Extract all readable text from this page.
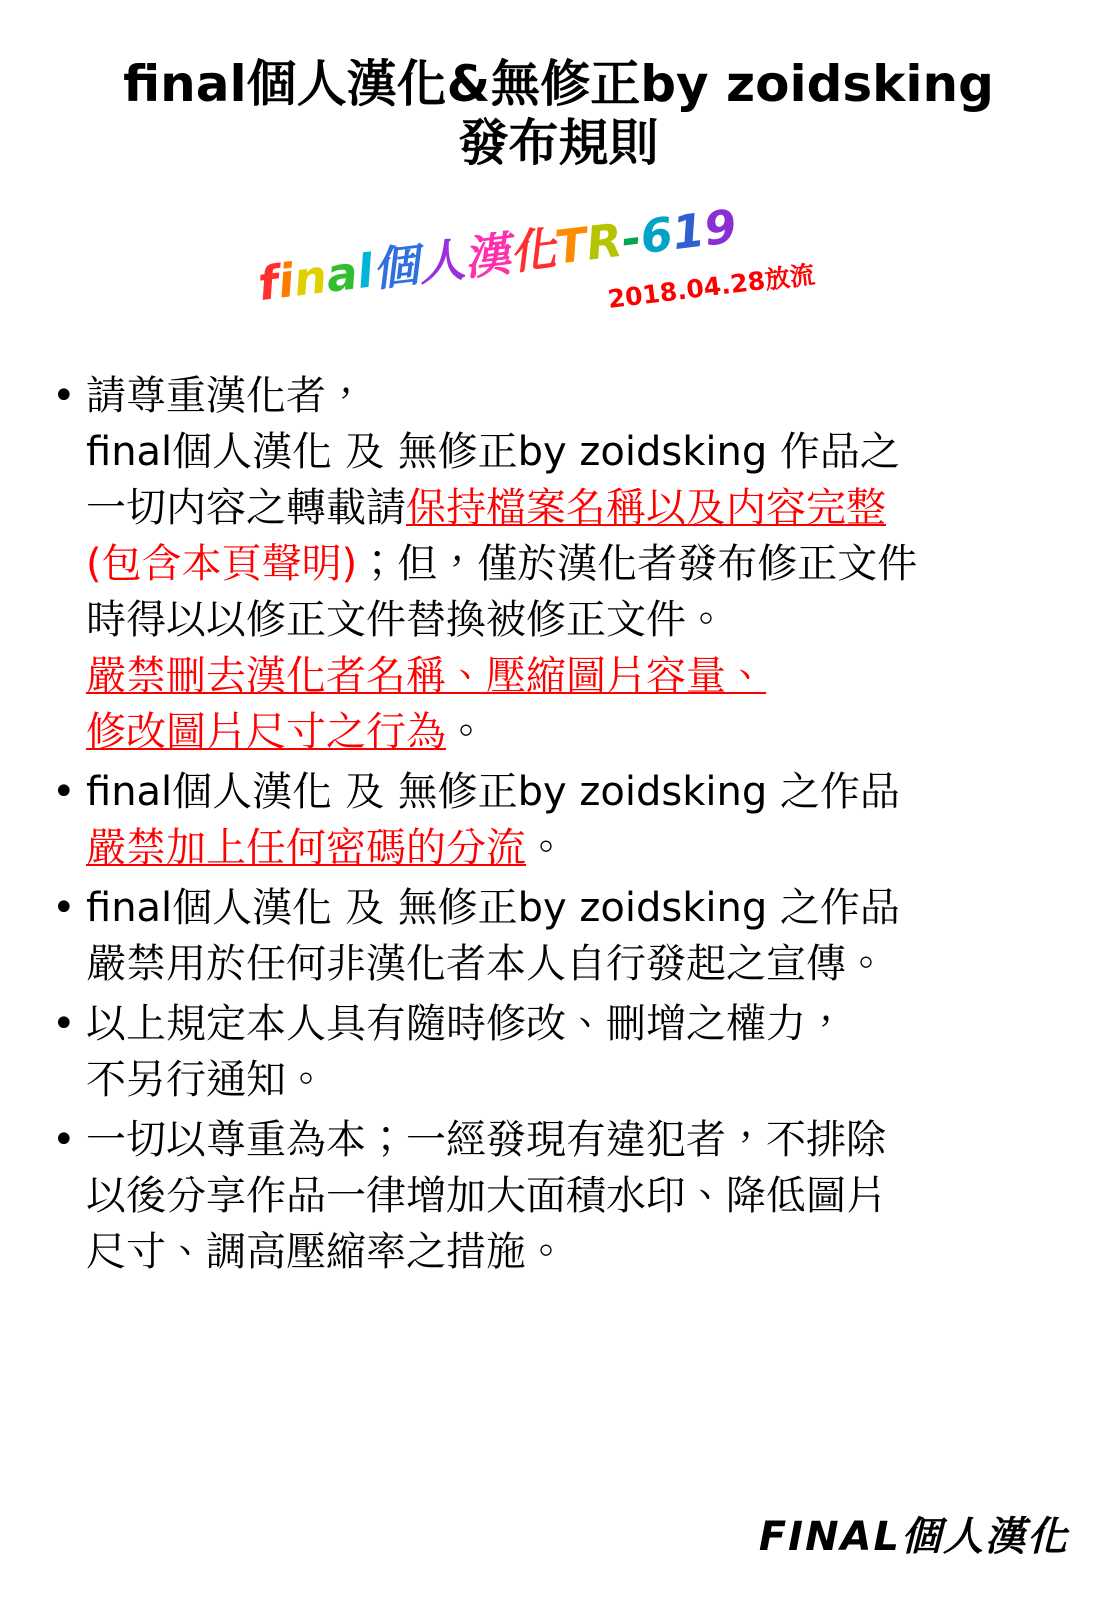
final個人漢化&無修正by zoidsking
發布規則
final個人漢化TR-619
2018.04.28放流
• 請尊重漢化者，
final個人漢化 及 無修正by zoidsking 作品之
一切内容之轉載請保持檔案名稱以及内容完整
(包含本頁聲明)；但，僅於漢化者發布修正文件
時得以以修正文件替換被修正文件。
嚴禁刪去漢化者名稱、壓縮圖片容量、
修改圖片尺寸之行為。
• final個人漢化 及 無修正by zoidsking 之作品
嚴禁加上任何密碼的分流。
• final個人漢化 及 無修正by zoidsking 之作品
嚴禁用於任何非漢化者本人自行發起之宣傳。
• 以上規定本人具有隨時修改、刪增之權力，
不另行通知。
• 一切以尊重為本；一經發現有違犯者，不排除
以後分享作品一律增加大面積水印、降低圖片
尺寸、調高壓縮率之措施。
FINAL個人漢化
